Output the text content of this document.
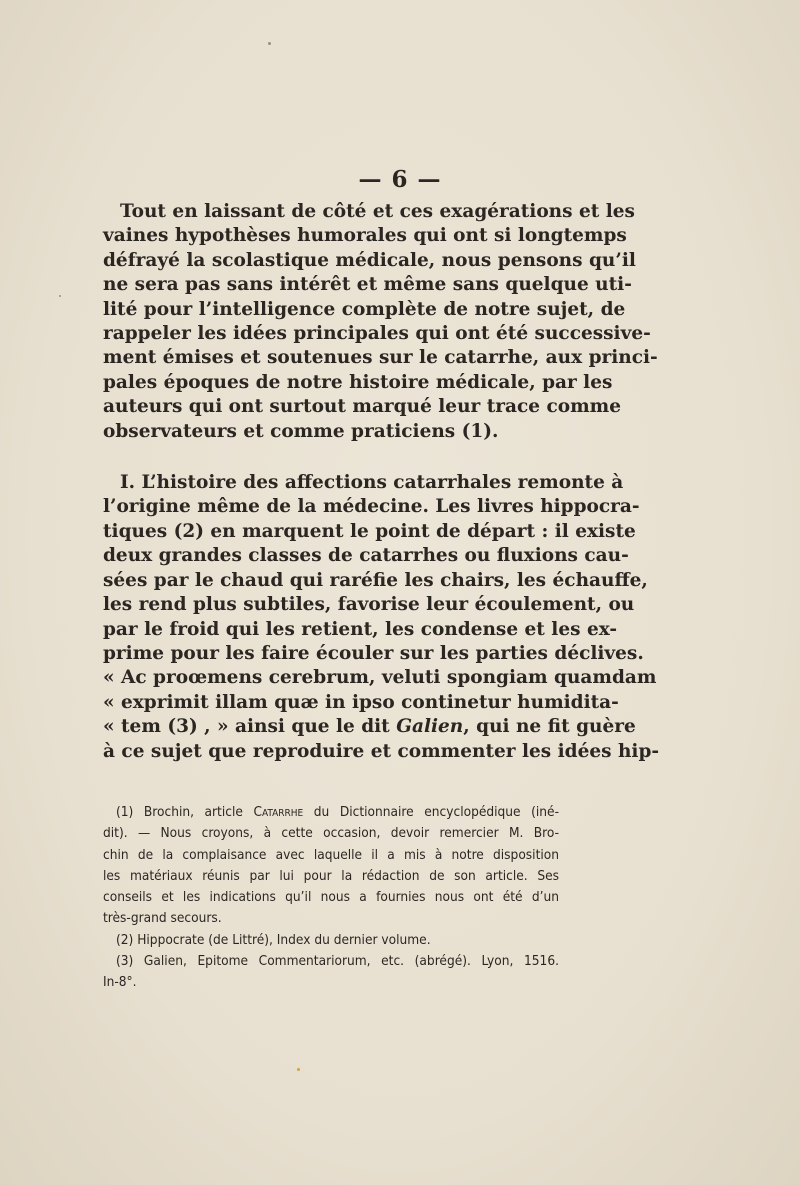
— 6 —
Tout en laissant de côté et ces exagérations et les
vaines hypothèses humorales qui ont si longtemps
défrayé la scolastique médicale, nous pensons qu’il
ne sera pas sans intérêt et même sans quelque uti-
lité pour l’intelligence complète de notre sujet, de
rappeler les idées principales qui ont été successive-
ment émises et soutenues sur le catarrhe, aux princi-
pales époques de notre histoire médicale, par les
auteurs qui ont surtout marqué leur trace comme
observateurs et comme praticiens (1).
I. L’histoire des affections catarrhales remonte à
l’origine même de la médecine. Les livres hippocra-
tiques (2) en marquent le point de départ : il existe
deux grandes classes de catarrhes ou fluxions cau-
sées par le chaud qui raréfie les chairs, les échauffe,
les rend plus subtiles, favorise leur écoulement, ou
par le froid qui les retient, les condense et les ex-
prime pour les faire écouler sur les parties déclives.
« Ac proœmens cerebrum, veluti spongiam quamdam
« exprimit illam quæ in ipso continetur humidita-
« tem (3) , » ainsi que le dit Galien, qui ne fit guère
à ce sujet que reproduire et commenter les idées hip-
(1) Brochin, article Catarrhe du Dictionnaire encyclopédique (iné-
dit). — Nous croyons, à cette occasion, devoir remercier M. Bro-
chin de la complaisance avec laquelle il a mis à notre disposition
les matériaux réunis par lui pour la rédaction de son article. Ses
conseils et les indications qu’il nous a fournies nous ont été d’un
très-grand secours.
(2) Hippocrate (de Littré), Index du dernier volume.
(3) Galien, Epitome Commentariorum, etc. (abrégé). Lyon, 1516.
In-8°.
